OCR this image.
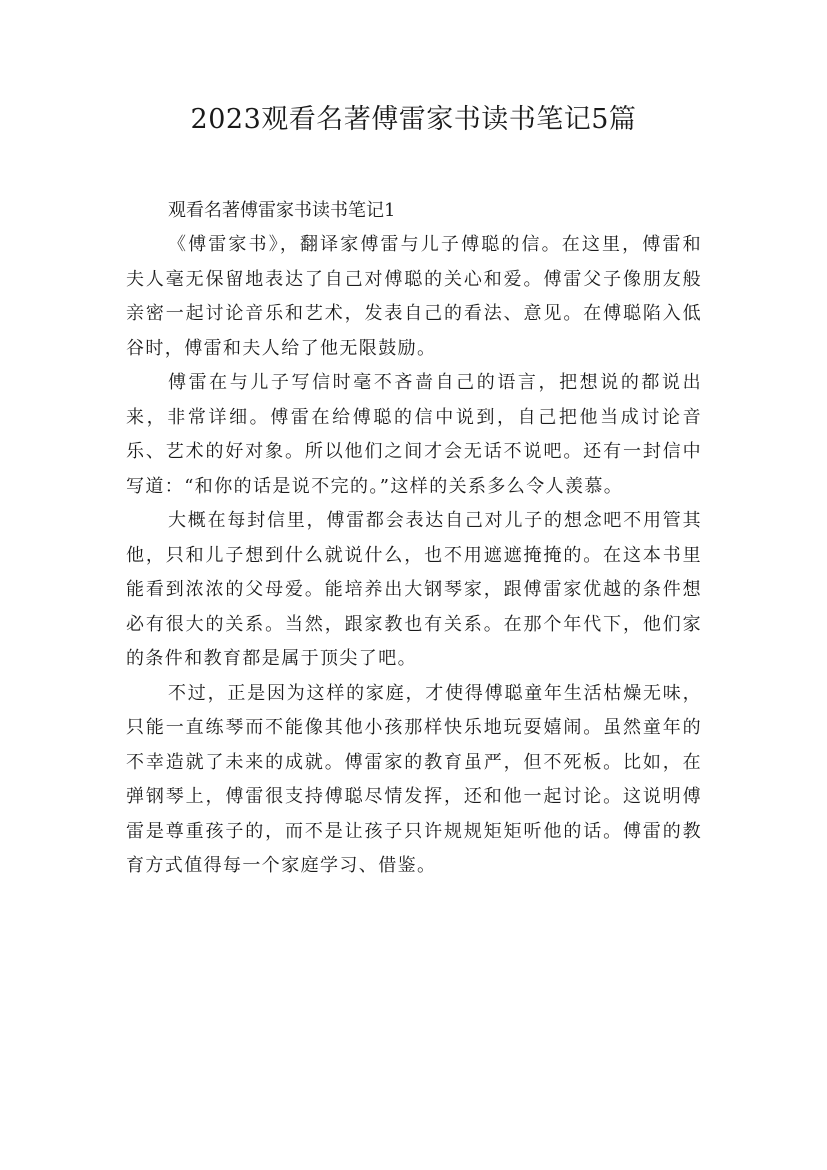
2023观看名著傅雷家书读书笔记5篇

观看名著傅雷家书读书笔记1

《傅雷家书》，翻译家傅雷与儿子傅聪的信。在这里，傅雷和夫人毫无保留地表达了自己对傅聪的关心和爱。傅雷父子像朋友般亲密一起讨论音乐和艺术，发表自己的看法、意见。在傅聪陷入低谷时，傅雷和夫人给了他无限鼓励。

傅雷在与儿子写信时毫不吝啬自己的语言，把想说的都说出来，非常详细。傅雷在给傅聪的信中说到，自己把他当成讨论音乐、艺术的好对象。所以他们之间才会无话不说吧。还有一封信中写道：“和你的话是说不完的。”这样的关系多么令人羡慕。

大概在每封信里，傅雷都会表达自己对儿子的想念吧不用管其他，只和儿子想到什么就说什么，也不用遮遮掩掩的。在这本书里能看到浓浓的父母爱。能培养出大钢琴家，跟傅雷家优越的条件想必有很大的关系。当然，跟家教也有关系。在那个年代下，他们家的条件和教育都是属于顶尖了吧。

不过，正是因为这样的家庭，才使得傅聪童年生活枯燥无味，只能一直练琴而不能像其他小孩那样快乐地玩耍嬉闹。虽然童年的不幸造就了未来的成就。傅雷家的教育虽严，但不死板。比如，在弹钢琴上，傅雷很支持傅聪尽情发挥，还和他一起讨论。这说明傅雷是尊重孩子的，而不是让孩子只许规规矩矩听他的话。傅雷的教育方式值得每一个家庭学习、借鉴。
